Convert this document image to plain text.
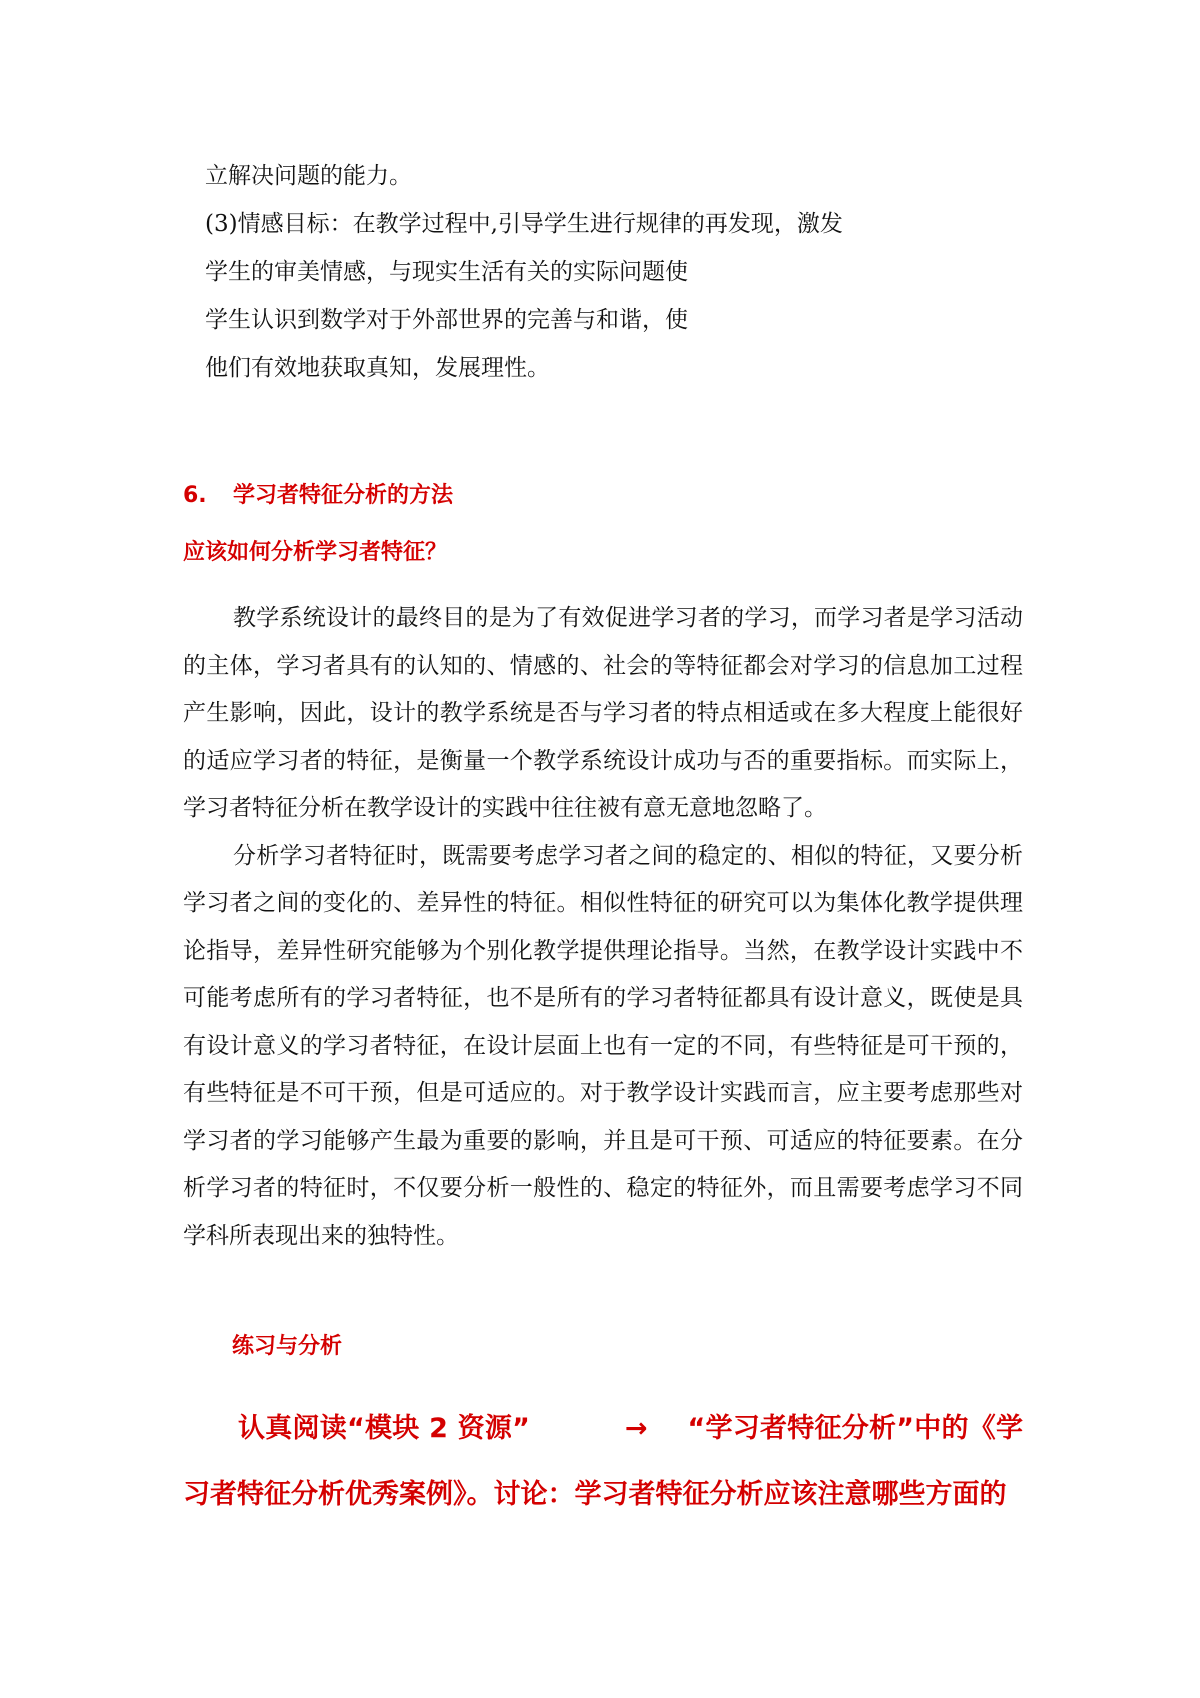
立解决问题的能力。

(3)情感目标：在教学过程中,引导学生进行规律的再发现，激发

学生的审美情感，与现实生活有关的实际问题使

学生认识到数学对于外部世界的完善与和谐，使

他们有效地获取真知，发展理性。

6. 学习者特征分析的方法
应该如何分析学习者特征？

教学系统设计的最终目的是为了有效促进学习者的学习，而学习者是学习活动的主体，学习者具有的认知的、情感的、社会的等特征都会对学习的信息加工过程产生影响，因此，设计的教学系统是否与学习者的特点相适或在多大程度上能很好的适应学习者的特征，是衡量一个教学系统设计成功与否的重要指标。而实际上，学习者特征分析在教学设计的实践中往往被有意无意地忽略了。

分析学习者特征时，既需要考虑学习者之间的稳定的、相似的特征，又要分析学习者之间的变化的、差异性的特征。相似性特征的研究可以为集体化教学提供理论指导，差异性研究能够为个别化教学提供理论指导。当然，在教学设计实践中不可能考虑所有的学习者特征，也不是所有的学习者特征都具有设计意义，既使是具有设计意义的学习者特征，在设计层面上也有一定的不同，有些特征是可干预的，有些特征是不可干预，但是可适应的。对于教学设计实践而言，应主要考虑那些对学习者的学习能够产生最为重要的影响，并且是可干预、可适应的特征要素。在分析学习者的特征时，不仅要分析一般性的、稳定的特征外，而且需要考虑学习不同学科所表现出来的独特性。

练习与分析

认真阅读“模块 2 资源”	→ “学习者特征分析”中的《学习者特征分析优秀案例》。讨论：学习者特征分析应该注意哪些方面的
